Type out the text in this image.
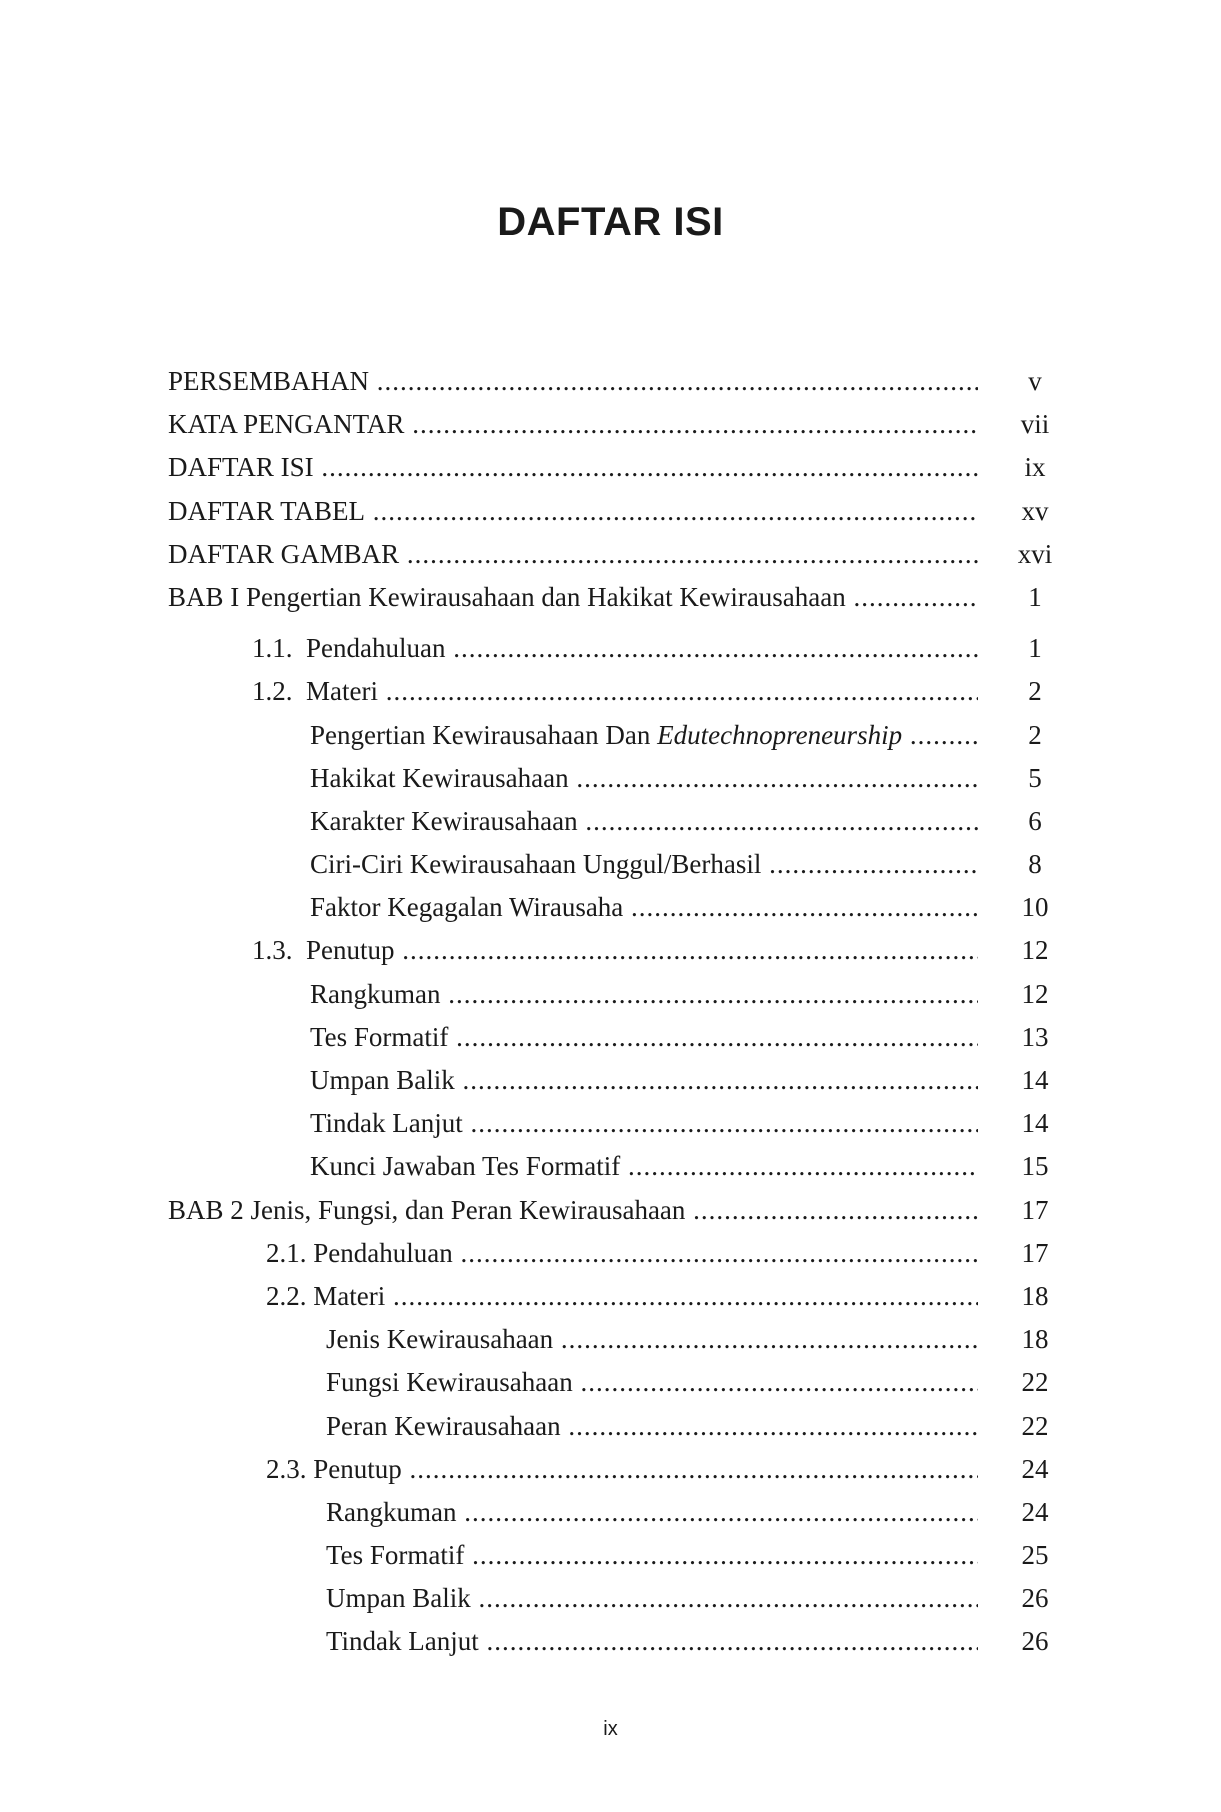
DAFTAR ISI
PERSEMBAHAN .....	v
KATA PENGANTAR .....	vii
DAFTAR ISI .....	ix
DAFTAR TABEL .....	xv
DAFTAR GAMBAR .....	xvi
BAB I Pengertian Kewirausahaan dan Hakikat Kewirausahaan .....	1
1.1. Pendahuluan .....	1
1.2. Materi .....	2
Pengertian Kewirausahaan Dan Edutechnopreneurship .....	2
Hakikat Kewirausahaan .....	5
Karakter Kewirausahaan .....	6
Ciri-Ciri Kewirausahaan Unggul/Berhasil .....	8
Faktor Kegagalan Wirausaha .....	10
1.3. Penutup .....	12
Rangkuman .....	12
Tes Formatif .....	13
Umpan Balik .....	14
Tindak Lanjut .....	14
Kunci Jawaban Tes Formatif .....	15
BAB 2 Jenis, Fungsi, dan Peran Kewirausahaan .....	17
2.1. Pendahuluan .....	17
2.2. Materi .....	18
Jenis Kewirausahaan .....	18
Fungsi Kewirausahaan .....	22
Peran Kewirausahaan .....	22
2.3. Penutup .....	24
Rangkuman .....	24
Tes Formatif .....	25
Umpan Balik .....	26
Tindak Lanjut .....	26
ix
